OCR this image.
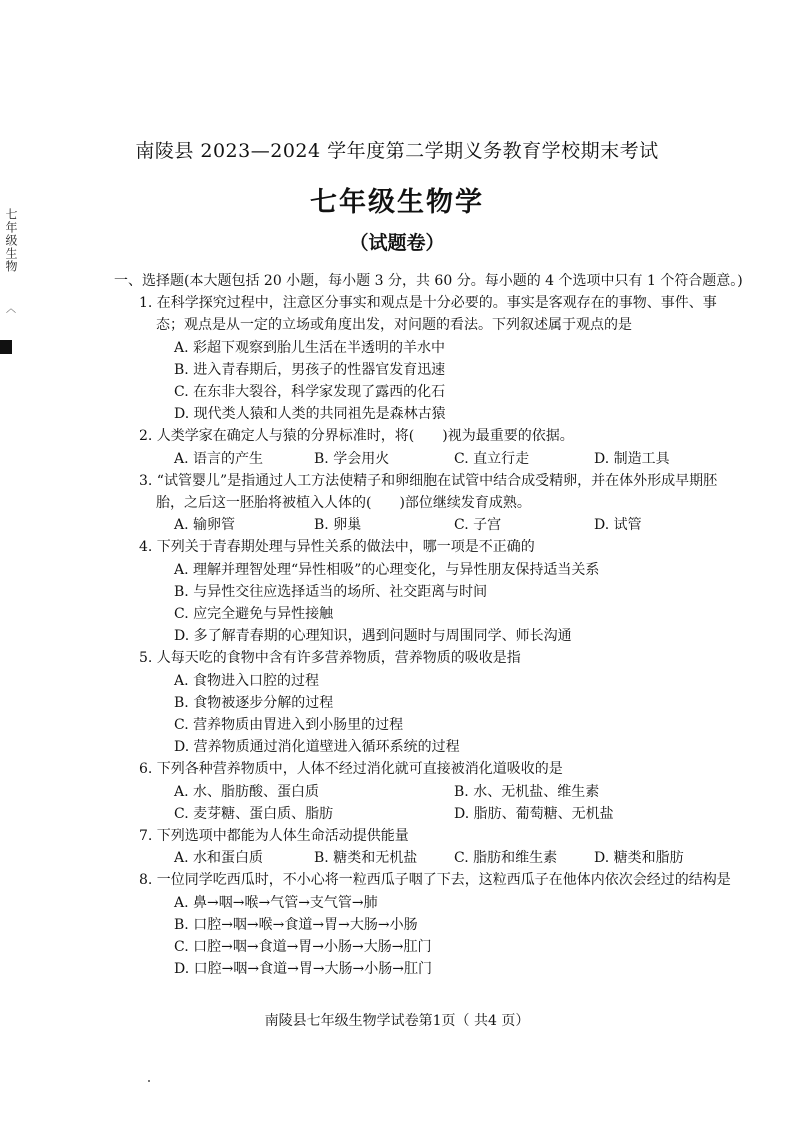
七年级生物
︿
南陵县 2023—2024 学年度第二学期义务教育学校期末考试
七年级生物学
（试题卷）
一、选择题(本大题包括 20 小题，每小题 3 分，共 60 分。每小题的 4 个选项中只有 1 个符合题意。)
1. 在科学探究过程中，注意区分事实和观点是十分必要的。事实是客观存在的事物、事件、事态；观点是从一定的立场或角度出发，对问题的看法。下列叙述属于观点的是
A. 彩超下观察到胎儿生活在半透明的羊水中
B. 进入青春期后，男孩子的性器官发育迅速
C. 在东非大裂谷，科学家发现了露西的化石
D. 现代类人猿和人类的共同祖先是森林古猿
2. 人类学家在确定人与猿的分界标准时，将(　　)视为最重要的依据。
A. 语言的产生	B. 学会用火	C. 直立行走	D. 制造工具
3. “试管婴儿”是指通过人工方法使精子和卵细胞在试管中结合成受精卵，并在体外形成早期胚胎，之后这一胚胎将被植入人体的(　　)部位继续发育成熟。
A. 输卵管	B. 卵巢	C. 子宫	D. 试管
4. 下列关于青春期处理与异性关系的做法中，哪一项是不正确的
A. 理解并理智处理“异性相吸”的心理变化，与异性朋友保持适当关系
B. 与异性交往应选择适当的场所、社交距离与时间
C. 应完全避免与异性接触
D. 多了解青春期的心理知识，遇到问题时与周围同学、师长沟通
5. 人每天吃的食物中含有许多营养物质，营养物质的吸收是指
A. 食物进入口腔的过程
B. 食物被逐步分解的过程
C. 营养物质由胃进入到小肠里的过程
D. 营养物质通过消化道壁进入循环系统的过程
6. 下列各种营养物质中，人体不经过消化就可直接被消化道吸收的是
A. 水、脂肪酸、蛋白质	B. 水、无机盐、维生素
C. 麦芽糖、蛋白质、脂肪	D. 脂肪、葡萄糖、无机盐
7. 下列选项中都能为人体生命活动提供能量
A. 水和蛋白质	B. 糖类和无机盐	C. 脂肪和维生素	D. 糖类和脂肪
8. 一位同学吃西瓜时，不小心将一粒西瓜子咽了下去，这粒西瓜子在他体内依次会经过的结构是
A. 鼻→咽→喉→气管→支气管→肺
B. 口腔→咽→喉→食道→胃→大肠→小肠
C. 口腔→咽→食道→胃→小肠→大肠→肛门
D. 口腔→咽→食道→胃→大肠→小肠→肛门
南陵县七年级生物学试卷第1页（ 共4 页）
